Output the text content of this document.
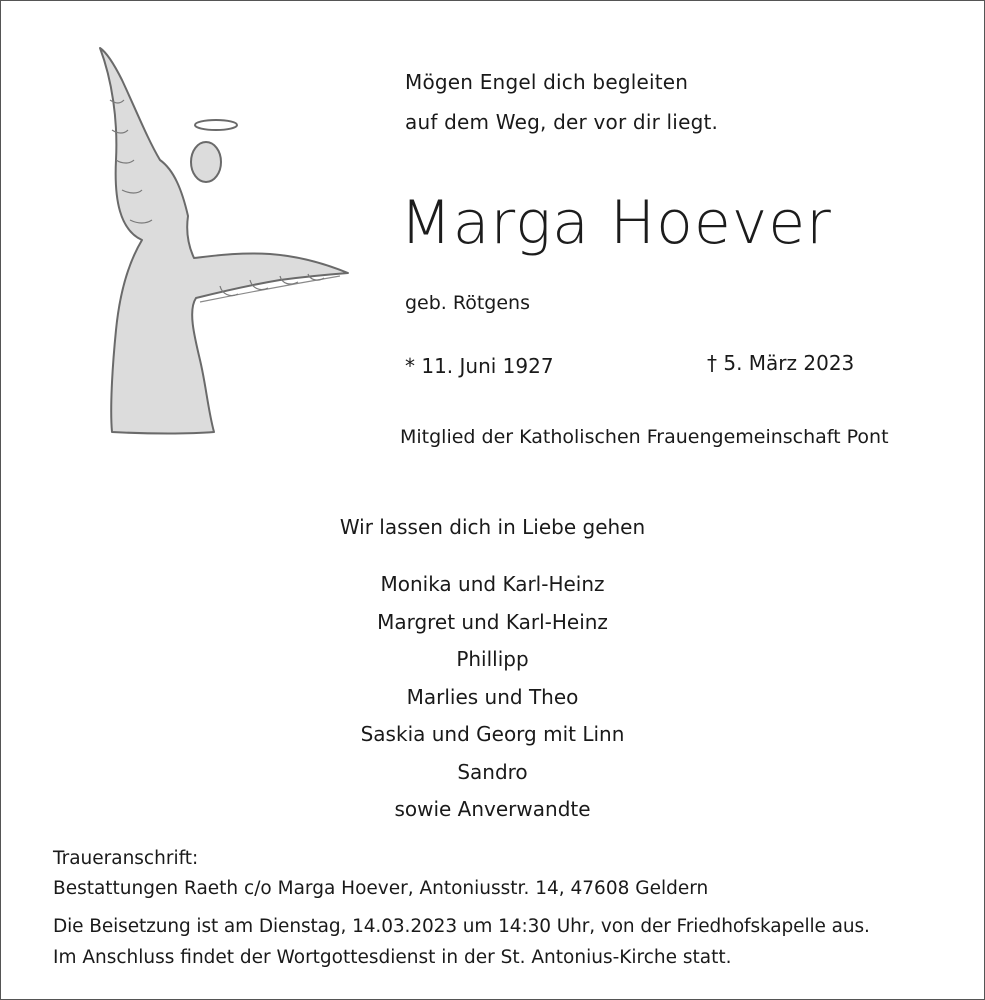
Mögen Engel dich begleiten
auf dem Weg, der vor dir liegt.
Marga Hoever
geb. Rötgens
* 11. Juni 1927	† 5. März 2023
Mitglied der Katholischen Frauengemeinschaft Pont
Wir lassen dich in Liebe gehen
Monika und Karl-Heinz
Margret und Karl-Heinz
Phillipp
Marlies und Theo
Saskia und Georg mit Linn
Sandro
sowie Anverwandte
Traueranschrift:
Bestattungen Raeth c/o Marga Hoever, Antoniusstr. 14, 47608 Geldern
Die Beisetzung ist am Dienstag, 14.03.2023 um 14:30 Uhr, von der Friedhofskapelle aus.
Im Anschluss findet der Wortgottesdienst in der St. Antonius-Kirche statt.
